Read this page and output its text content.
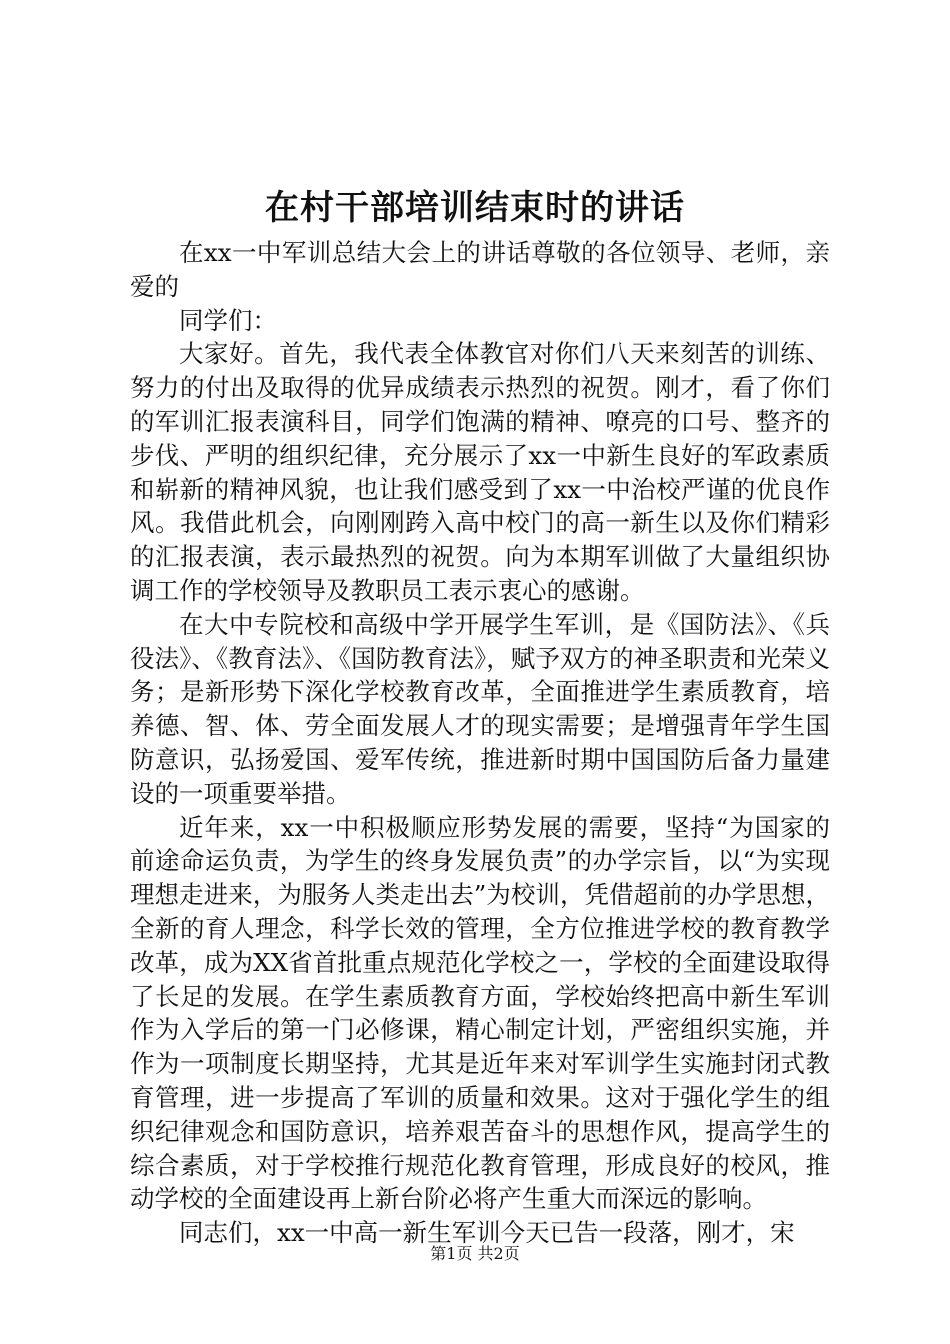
在村干部培训结束时的讲话

在xx一中军训总结大会上的讲话尊敬的各位领导、老师，亲爱的

同学们：

大家好。首先，我代表全体教官对你们八天来刻苦的训练、努力的付出及取得的优异成绩表示热烈的祝贺。刚才，看了你们的军训汇报表演科目，同学们饱满的精神、嘹亮的口号、整齐的步伐、严明的组织纪律，充分展示了xx一中新生良好的军政素质和崭新的精神风貌，也让我们感受到了xx一中治校严谨的优良作风。我借此机会，向刚刚跨入高中校门的高一新生以及你们精彩的汇报表演，表示最热烈的祝贺。向为本期军训做了大量组织协调工作的学校领导及教职员工表示衷心的感谢。

在大中专院校和高级中学开展学生军训，是《国防法》、《兵役法》、《教育法》、《国防教育法》，赋予双方的神圣职责和光荣义务；是新形势下深化学校教育改革，全面推进学生素质教育，培养德、智、体、劳全面发展人才的现实需要；是增强青年学生国防意识，弘扬爱国、爱军传统，推进新时期中国国防后备力量建设的一项重要举措。

近年来，xx一中积极顺应形势发展的需要，坚持“为国家的前途命运负责，为学生的终身发展负责”的办学宗旨，以“为实现理想走进来，为服务人类走出去”为校训，凭借超前的办学思想，全新的育人理念，科学长效的管理，全方位推进学校的教育教学改革，成为XX省首批重点规范化学校之一，学校的全面建设取得了长足的发展。在学生素质教育方面，学校始终把高中新生军训作为入学后的第一门必修课，精心制定计划，严密组织实施，并作为一项制度长期坚持，尤其是近年来对军训学生实施封闭式教育管理，进一步提高了军训的质量和效果。这对于强化学生的组织纪律观念和国防意识，培养艰苦奋斗的思想作风，提高学生的综合素质，对于学校推行规范化教育管理，形成良好的校风，推动学校的全面建设再上新台阶必将产生重大而深远的影响。

同志们，xx一中高一新生军训今天已告一段落，刚才，宋

第1页 共2页
